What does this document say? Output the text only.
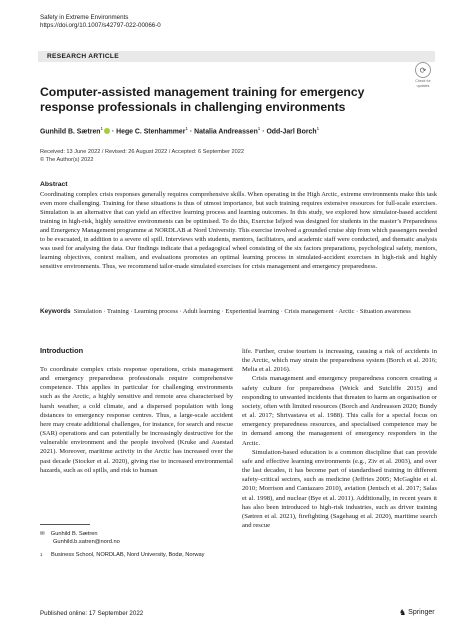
Safety in Extreme Environments
https://doi.org/10.1007/s42797-022-00066-0
RESEARCH ARTICLE
⟳
Check for
updates
Computer-assisted management training for emergency response professionals in challenging environments
Gunhild B. Sætren$^1$ · Hege C. Stenhammer$^1$ · Natalia Andreassen$^1$ · Odd-Jarl Borch$^1$
Received: 13 June 2022 / Revised: 26 August 2022 / Accepted: 6 September 2022
© The Author(s) 2022
Abstract
Coordinating complex crisis responses generally requires comprehensive skills. When operating in the High Arctic, extreme environments make this task even more challenging. Training for these situations is thus of utmost importance, but such training requires extensive resources for full-scale exercises. Simulation is an alternative that can yield an effective learning process and learning outcomes. In this study, we explored how simulator-based accident training in high-risk, highly sensitive environments can be optimised. To do this, Exercise Isfjord was designed for students in the master’s Preparedness and Emergency Management programme at NORDLAB at Nord University. This exercise involved a grounded cruise ship from which passengers needed to be evacuated, in addition to a severe oil spill. Interviews with students, mentors, facilitators, and academic staff were conducted, and thematic analysis was used for analysing the data. Our findings indicate that a pedagogical wheel consisting of the six factors preparations, psychological safety, mentors, learning objectives, context realism, and evaluations promotes an optimal learning process in simulated-accident exercises in high-risk and highly sensitive environments. Thus, we recommend tailor-made simulated exercises for crisis management and emergency preparedness.
Keywords Simulation · Training · Learning process · Adult learning · Experiential learning · Crisis management · Arctic · Situation awareness
Introduction

To coordinate complex crisis response operations, crisis management and emergency preparedness professionals require comprehensive competence. This applies in particular for challenging environments such as the Arctic, a highly sensitive and remote area characterised by harsh weather, a cold climate, and a dispersed population with long distances to emergency response centres. Thus, a large-scale accident here may create additional challenges, for instance, for search and rescue (SAR) operations and can potentially be increasingly destructive for the vulnerable environment and the people involved (Kruke and Auestad 2021). Moreover, maritime activity in the Arctic has increased over the past decade (Stocker et al. 2020), giving rise to increased environmental hazards, such as oil spills, and risk to human

life. Further, cruise tourism is increasing, causing a risk of accidents in the Arctic, which may strain the preparedness system (Borch et al. 2016; Melia et al. 2016).

Crisis management and emergency preparedness concern creating a safety culture for preparedness (Weick and Sutcliffe 2015) and responding to unwanted incidents that threaten to harm an organisation or society, often with limited resources (Borch and Andreassen 2020; Bundy et al. 2017; Shrivastava et al. 1988). This calls for a special focus on emergency preparedness resources, and specialised competence may be in demand among the management of emergency responders in the Arctic.

Simulation-based education is a common discipline that can provide safe and effective learning environments (e.g., Ziv et al. 2003), and over the last decades, it has become part of standardised training in different safety–critical sectors, such as medicine (Jeffries 2005; McGaghie et al. 2010; Morrison and Cantazaro 2010), aviation (Jentsch et al. 2017; Salas et al. 1998), and nuclear (Bye et al. 2011). Additionally, in recent years it has also been introduced to high-risk industries, such as driver training (Sætren et al. 2021), firefighting (Sagehaug et al. 2020), maritime search and rescue

✉ Gunhild B. Sætren
Gunhild.b.satren@nord.no
1 Business School, NORDLAB, Nord University, Bodø, Norway
Published online: 17 September 2022	♞ Springer
